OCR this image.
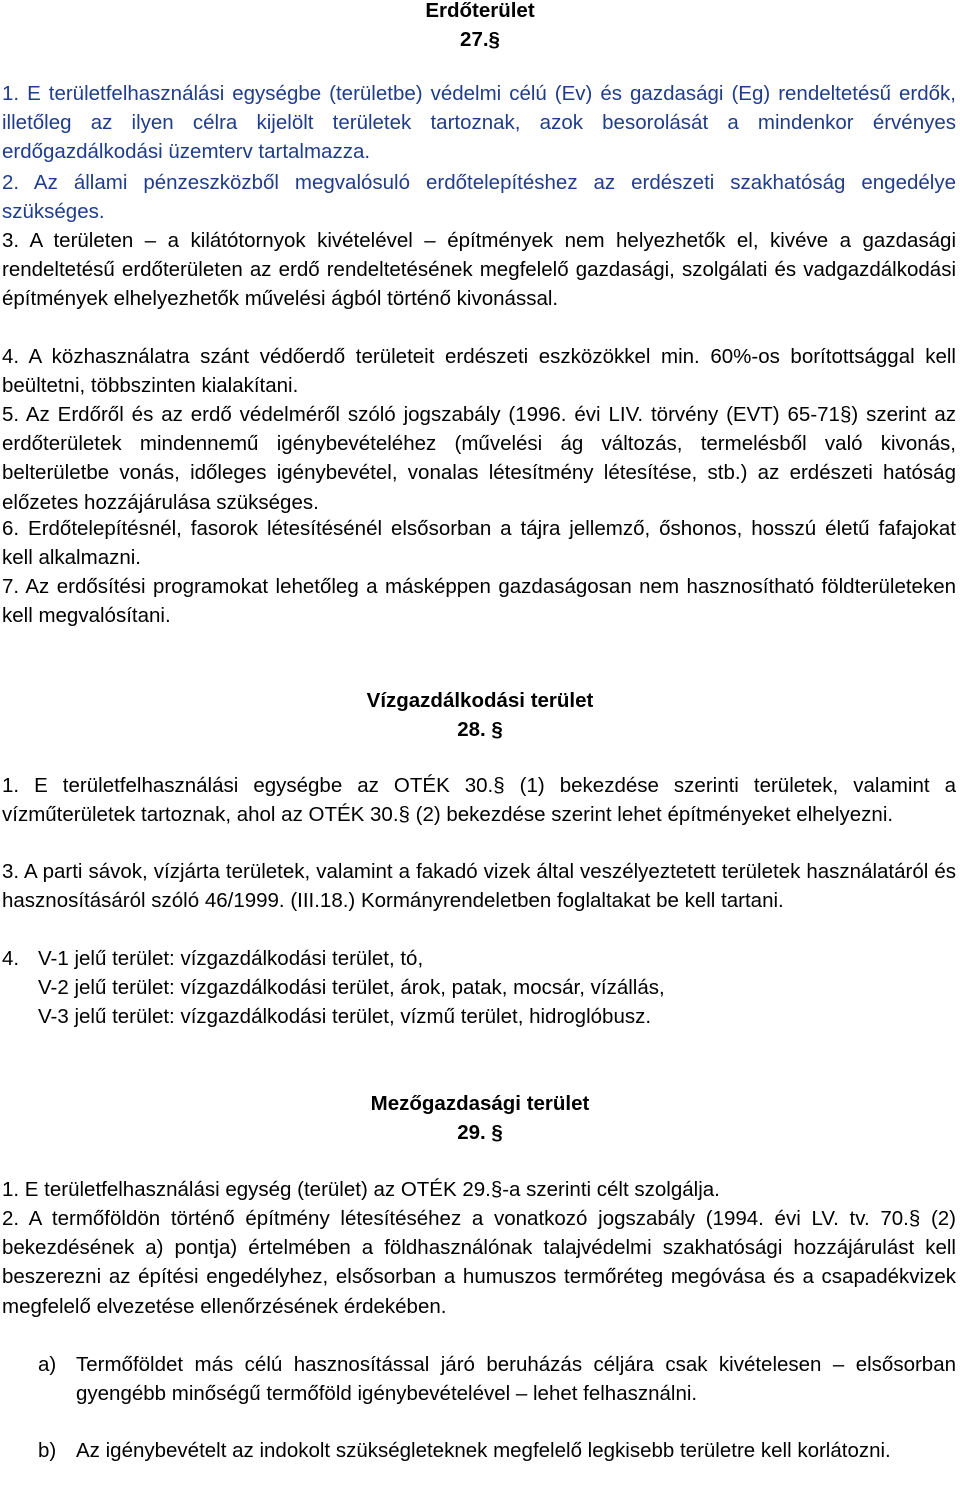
Erdőterület
27.§

1. E területfelhasználási egységbe (területbe) védelmi célú (Ev) és gazdasági (Eg) rendeltetésű erdők, illetőleg az ilyen célra kijelölt területek tartoznak, azok besorolását a mindenkor érvényes erdőgazdálkodási üzemterv tartalmazza.

2. Az állami pénzeszközből megvalósuló erdőtelepítéshez az erdészeti szakhatóság engedélye szükséges.

3. A területen – a kilátótornyok kivételével – építmények nem helyezhetők el, kivéve a gazdasági rendeltetésű erdőterületen az erdő rendeltetésének megfelelő gazdasági, szolgálati és vadgazdálkodási építmények elhelyezhetők művelési ágból történő kivonással.

4. A közhasználatra szánt védőerdő területeit erdészeti eszközökkel min. 60%-os borítottsággal kell beültetni, többszinten kialakítani.

5. Az Erdőről és az erdő védelméről szóló jogszabály (1996. évi LIV. törvény (EVT) 65-71§) szerint az erdőterületek mindennemű igénybevételéhez (művelési ág változás, termelésből való kivonás, belterületbe vonás, időleges igénybevétel, vonalas létesítmény létesítése, stb.) az erdészeti hatóság előzetes hozzájárulása szükséges.

6. Erdőtelepítésnél, fasorok létesítésénél elsősorban a tájra jellemző, őshonos, hosszú életű fafajokat kell alkalmazni.

7. Az erdősítési programokat lehetőleg a másképpen gazdaságosan nem hasznosítható földterületeken kell megvalósítani.

Vízgazdálkodási terület
28. §

1. E területfelhasználási egységbe az OTÉK 30.§ (1) bekezdése szerinti területek, valamint a vízműterületek tartoznak, ahol az OTÉK 30.§ (2) bekezdése szerint lehet építményeket elhelyezni.

3. A parti sávok, vízjárta területek, valamint a fakadó vizek által veszélyeztetett területek használatáról és hasznosításáról szóló 46/1999. (III.18.) Kormányrendeletben foglaltakat be kell tartani.

4. V-1 jelű terület: vízgazdálkodási terület, tó,
V-2 jelű terület: vízgazdálkodási terület, árok, patak, mocsár, vízállás,
V-3 jelű terület: vízgazdálkodási terület, vízmű terület, hidroglóbusz.
Mezőgazdasági terület
29. §

1. E területfelhasználási egység (terület) az OTÉK 29.§-a szerinti célt szolgálja.

2. A termőföldön történő építmény létesítéséhez a vonatkozó jogszabály (1994. évi LV. tv. 70.§ (2) bekezdésének a) pontja) értelmében a földhasználónak talajvédelmi szakhatósági hozzájárulást kell beszerezni az építési engedélyhez, elsősorban a humuszos termőréteg megóvása és a csapadékvizek megfelelő elvezetése ellenőrzésének érdekében.

a) Termőföldet más célú hasznosítással járó beruházás céljára csak kivételesen – elsősorban gyengébb minőségű termőföld igénybevételével – lehet felhasználni.
b) Az igénybevételt az indokolt szükségleteknek megfelelő legkisebb területre kell korlátozni.
